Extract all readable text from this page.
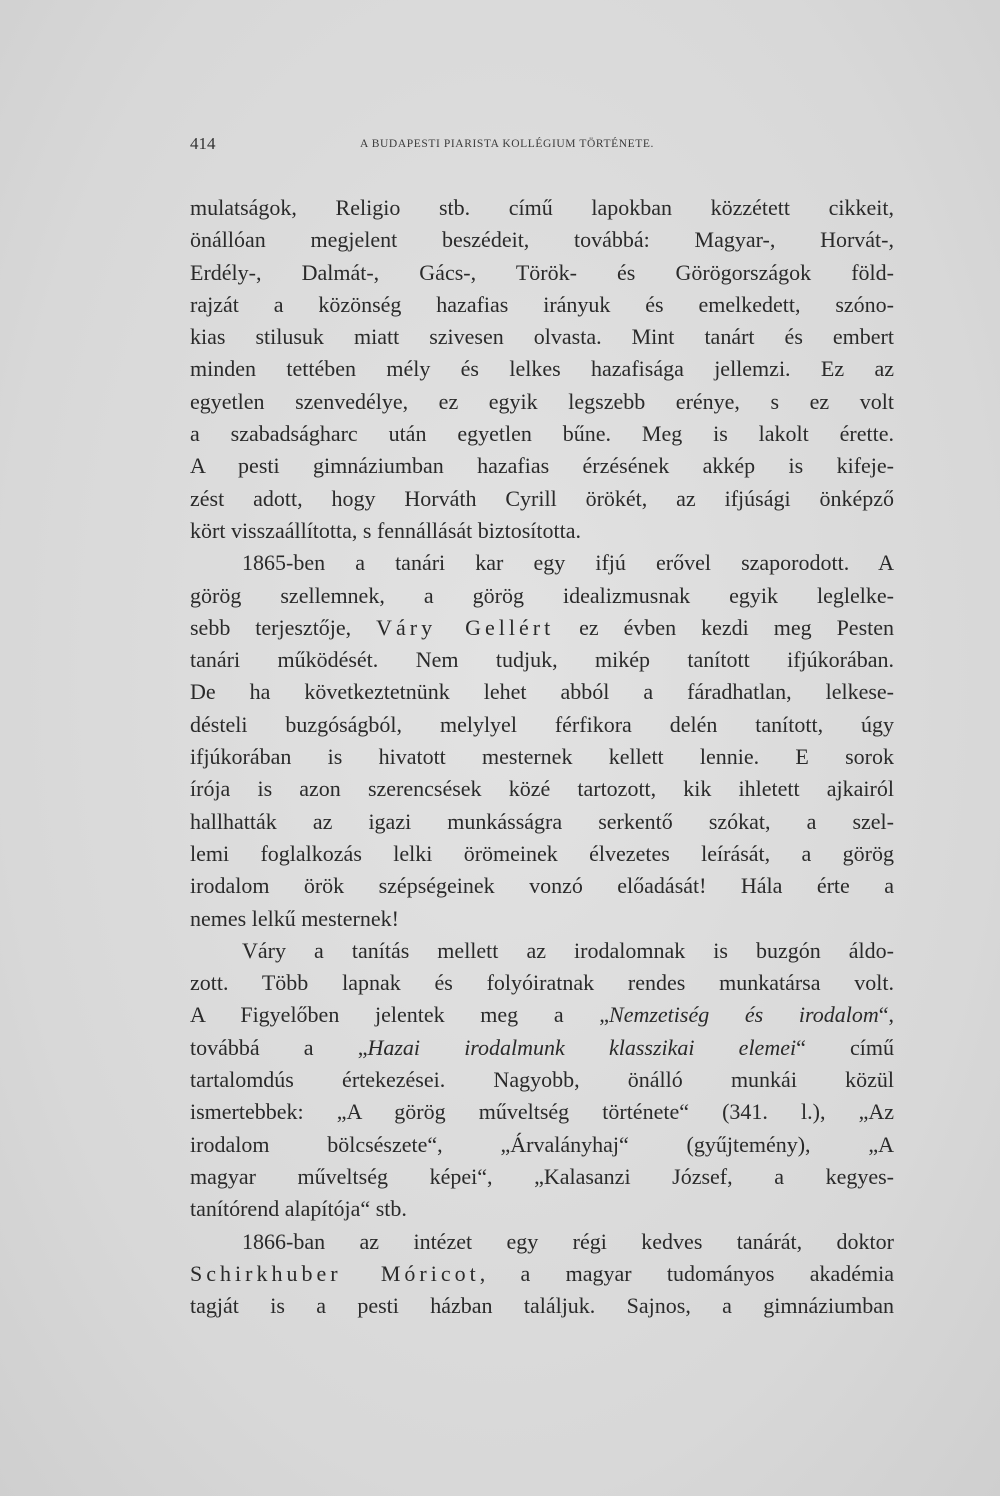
414	A BUDAPESTI PIARISTA KOLLÉGIUM TÖRTÉNETE.
mulatságok, Religio stb. című lapokban közzétett cikkeit,
önállóan megjelent beszédeit, továbbá: Magyar-, Horvát-,
Erdély-, Dalmát-, Gács-, Török- és Görögországok föld-
rajzát a közönség hazafias irányuk és emelkedett, szóno-
kias stilusuk miatt szivesen olvasta. Mint tanárt és embert
minden tettében mély és lelkes hazafisága jellemzi. Ez az
egyetlen szenvedélye, ez egyik legszebb erénye, s ez volt
a szabadságharc után egyetlen bűne. Meg is lakolt érette.
A pesti gimnáziumban hazafias érzésének akkép is kifeje-
zést adott, hogy Horváth Cyrill örökét, az ifjúsági önképző
kört visszaállította, s fennállását biztosította.
1865-ben a tanári kar egy ifjú erővel szaporodott. A
görög szellemnek, a görög idealizmusnak egyik leglelke-
sebb terjesztője, Váry Gellért ez évben kezdi meg Pesten
tanári működését. Nem tudjuk, mikép tanított ifjúkorában.
De ha következtetnünk lehet abból a fáradhatlan, lelkese-
désteli buzgóságból, melylyel férfikora delén tanított, úgy
ifjúkorában is hivatott mesternek kellett lennie. E sorok
írója is azon szerencsések közé tartozott, kik ihletett ajkairól
hallhatták az igazi munkásságra serkentő szókat, a szel-
lemi foglalkozás lelki örömeinek élvezetes leírását, a görög
irodalom örök szépségeinek vonzó előadását! Hála érte a
nemes lelkű mesternek!
Váry a tanítás mellett az irodalomnak is buzgón áldo-
zott. Több lapnak és folyóiratnak rendes munkatársa volt.
A Figyelőben jelentek meg a „Nemzetiség és irodalom“,
továbbá a „Hazai irodalmunk klasszikai elemei“ című
tartalomdús értekezései. Nagyobb, önálló munkái közül
ismertebbek: „A görög műveltség története“ (341. l.), „Az
irodalom bölcsészete“, „Árvalányhaj“ (gyűjtemény), „A
magyar műveltség képei“, „Kalasanzi József, a kegyes-
tanítórend alapítója“ stb.
1866-ban az intézet egy régi kedves tanárát, doktor
Schirkhuber Móricot, a magyar tudományos akadémia
tagját is a pesti házban találjuk. Sajnos, a gimnáziumban
